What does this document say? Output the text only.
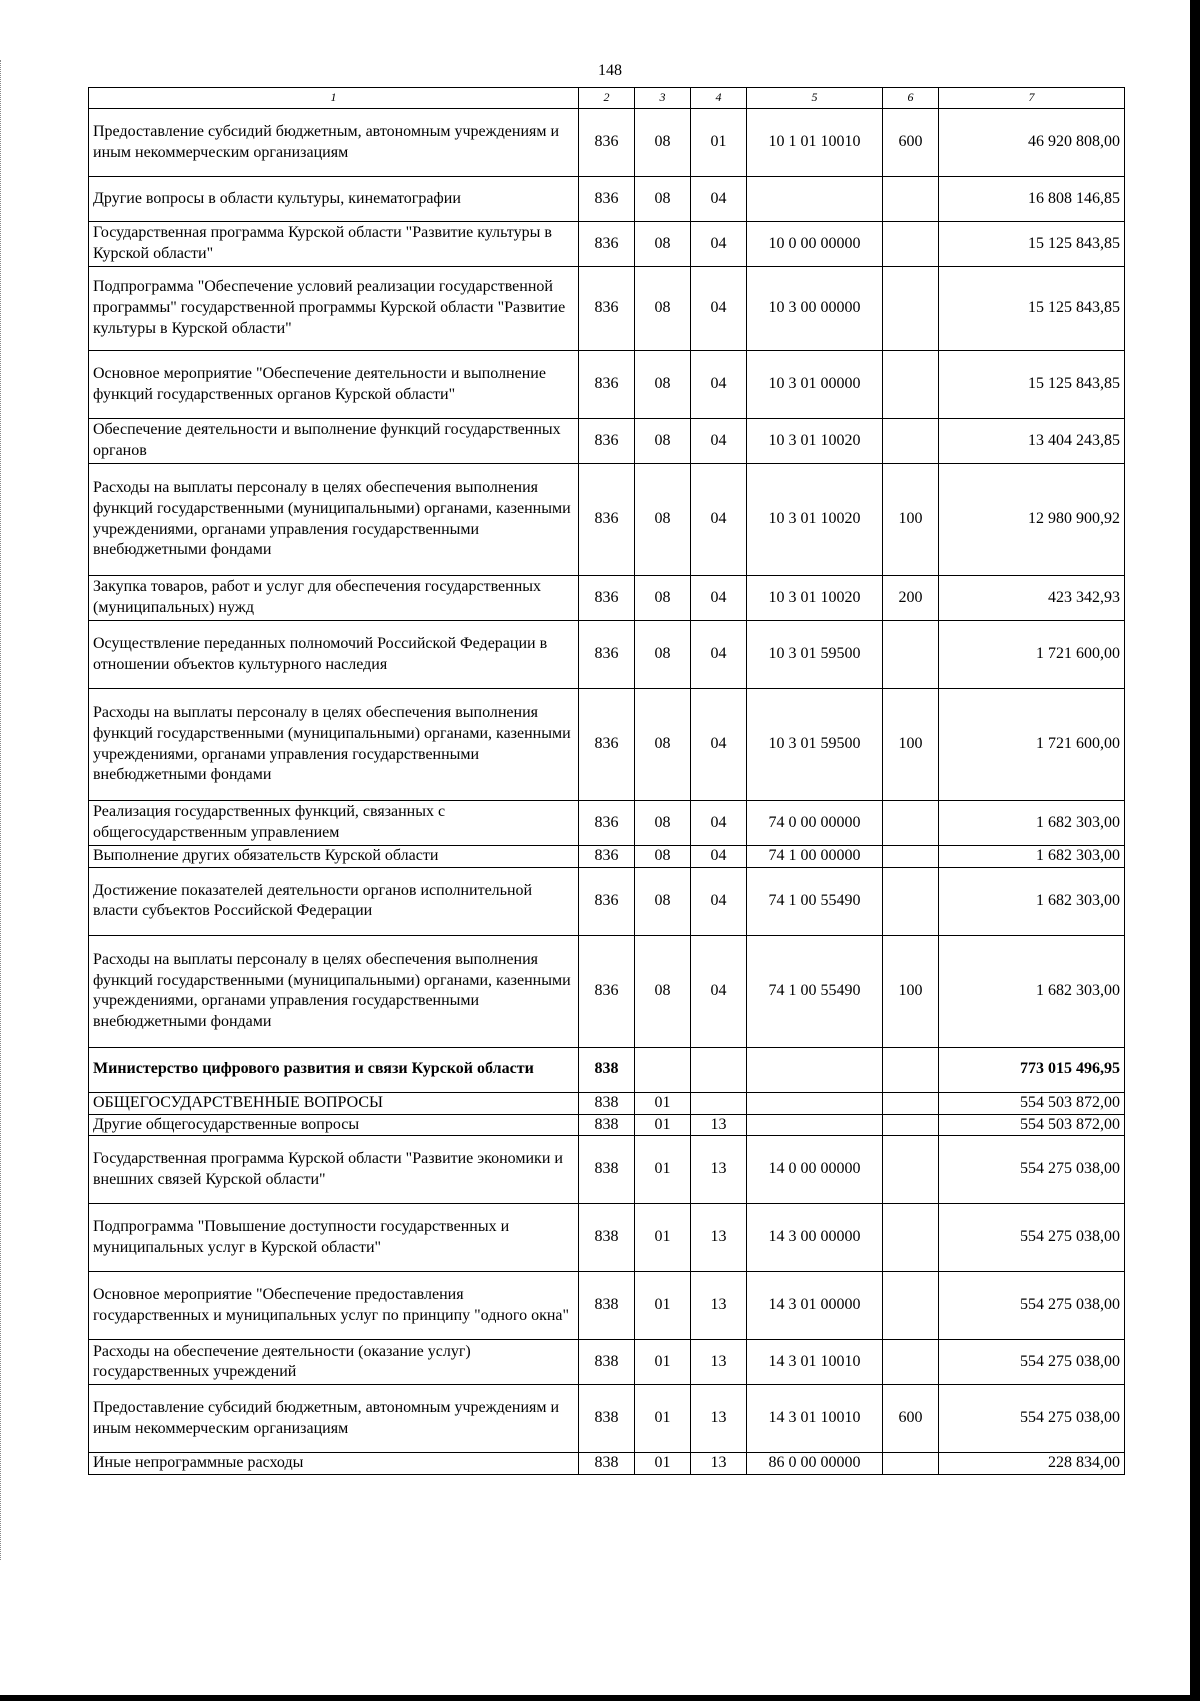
148
1	2	3	4	5	6	7
Предоставление субсидий бюджетным, автономным учреждениям и иным некоммерческим организациям	836	08	01	10 1 01 10010	600	46 920 808,00
Другие вопросы в области культуры, кинематографии	836	08	04			16 808 146,85
Государственная программа Курской области "Развитие культуры в Курской области"	836	08	04	10 0 00 00000		15 125 843,85
Подпрограмма "Обеспечение условий реализации государственной программы" государственной программы Курской области "Развитие культуры в Курской области"	836	08	04	10 3 00 00000		15 125 843,85
Основное мероприятие "Обеспечение деятельности и выполнение функций государственных органов Курской области"	836	08	04	10 3 01 00000		15 125 843,85
Обеспечение деятельности и выполнение функций государственных органов	836	08	04	10 3 01 10020		13 404 243,85
Расходы на выплаты персоналу в целях обеспечения выполнения функций государственными (муниципальными) органами, казенными учреждениями, органами управления государственными внебюджетными фондами	836	08	04	10 3 01 10020	100	12 980 900,92
Закупка товаров, работ и услуг для обеспечения государственных (муниципальных) нужд	836	08	04	10 3 01 10020	200	423 342,93
Осуществление переданных полномочий Российской Федерации в отношении объектов культурного наследия	836	08	04	10 3 01 59500		1 721 600,00
Расходы на выплаты персоналу в целях обеспечения выполнения функций государственными (муниципальными) органами, казенными учреждениями, органами управления государственными внебюджетными фондами	836	08	04	10 3 01 59500	100	1 721 600,00
Реализация государственных функций, связанных с общегосударственным управлением	836	08	04	74 0 00 00000		1 682 303,00
Выполнение других обязательств Курской области	836	08	04	74 1 00 00000		1 682 303,00
Достижение показателей деятельности органов исполнительной власти субъектов Российской Федерации	836	08	04	74 1 00 55490		1 682 303,00
Расходы на выплаты персоналу в целях обеспечения выполнения функций государственными (муниципальными) органами, казенными учреждениями, органами управления государственными внебюджетными фондами	836	08	04	74 1 00 55490	100	1 682 303,00
Министерство цифрового развития и связи Курской области	838					773 015 496,95
ОБЩЕГОСУДАРСТВЕННЫЕ ВОПРОСЫ	838	01				554 503 872,00
Другие общегосударственные вопросы	838	01	13			554 503 872,00
Государственная программа Курской области "Развитие экономики и внешних связей Курской области"	838	01	13	14 0 00 00000		554 275 038,00
Подпрограмма "Повышение доступности государственных и муниципальных услуг в Курской области"	838	01	13	14 3 00 00000		554 275 038,00
Основное мероприятие "Обеспечение предоставления государственных и муниципальных услуг по принципу "одного окна"	838	01	13	14 3 01 00000		554 275 038,00
Расходы на обеспечение деятельности (оказание услуг) государственных учреждений	838	01	13	14 3 01 10010		554 275 038,00
Предоставление субсидий бюджетным, автономным учреждениям и иным некоммерческим организациям	838	01	13	14 3 01 10010	600	554 275 038,00
Иные непрограммные расходы	838	01	13	86 0 00 00000		228 834,00
